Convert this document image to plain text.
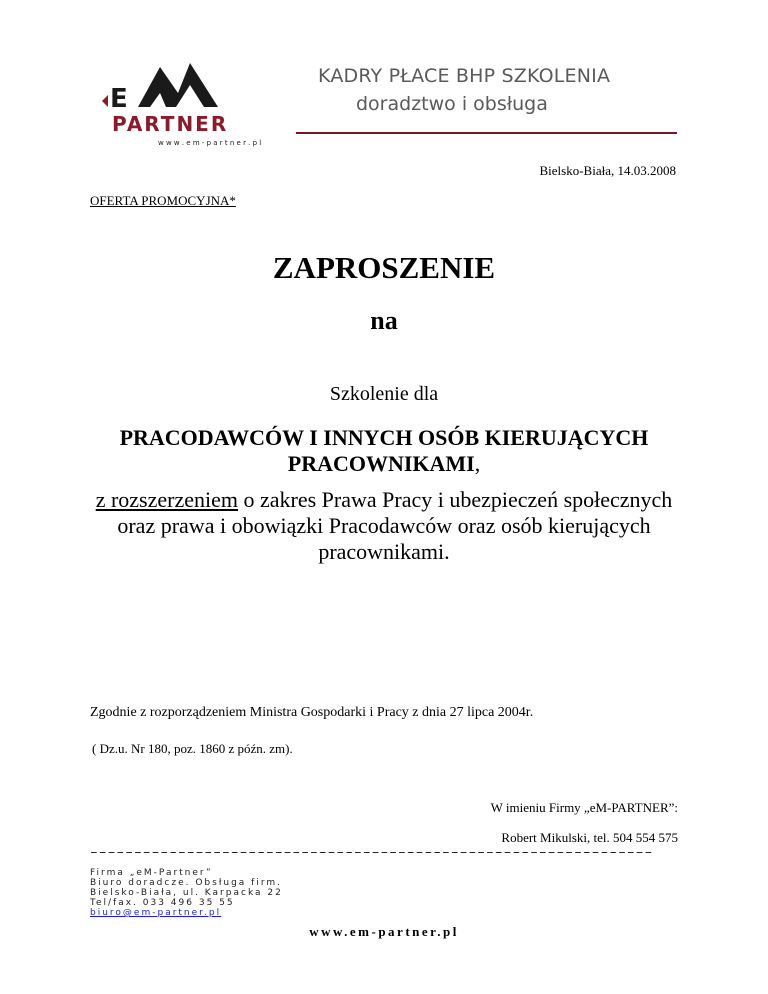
E
PARTNER
w w w . e m - p a r t n e r . p l
KADRY PŁACE BHP SZKOLENIA
doradztwo i obsługa
Bielsko-Biała, 14.03.2008
OFERTA PROMOCYJNA*
ZAPROSZENIE
na
Szkolenie dla
PRACODAWCÓW I INNYCH OSÓB KIERUJĄCYCH PRACOWNIKAMI,
z rozszerzeniem o zakres Prawa Pracy i ubezpieczeń społecznych oraz prawa i obowiązki Pracodawców oraz osób kierujących pracownikami.
Zgodnie z rozporządzeniem Ministra Gospodarki i Pracy z dnia 27 lipca 2004r.
( Dz.u. Nr 180, poz. 1860 z późn. zm).
W imieniu Firmy „eM-PARTNER”:
Robert Mikulski, tel. 504 554 575
––––––––––––––––––––––––––––––––––––––––––––––––––––––––––––––––
Firma „eM-Partner”
Biuro doradcze. Obsługa firm.
Bielsko-Biała, ul. Karpacka 22
Tel/fax. 033 496 35 55
biuro@em-partner.pl
www.em-partner.pl
